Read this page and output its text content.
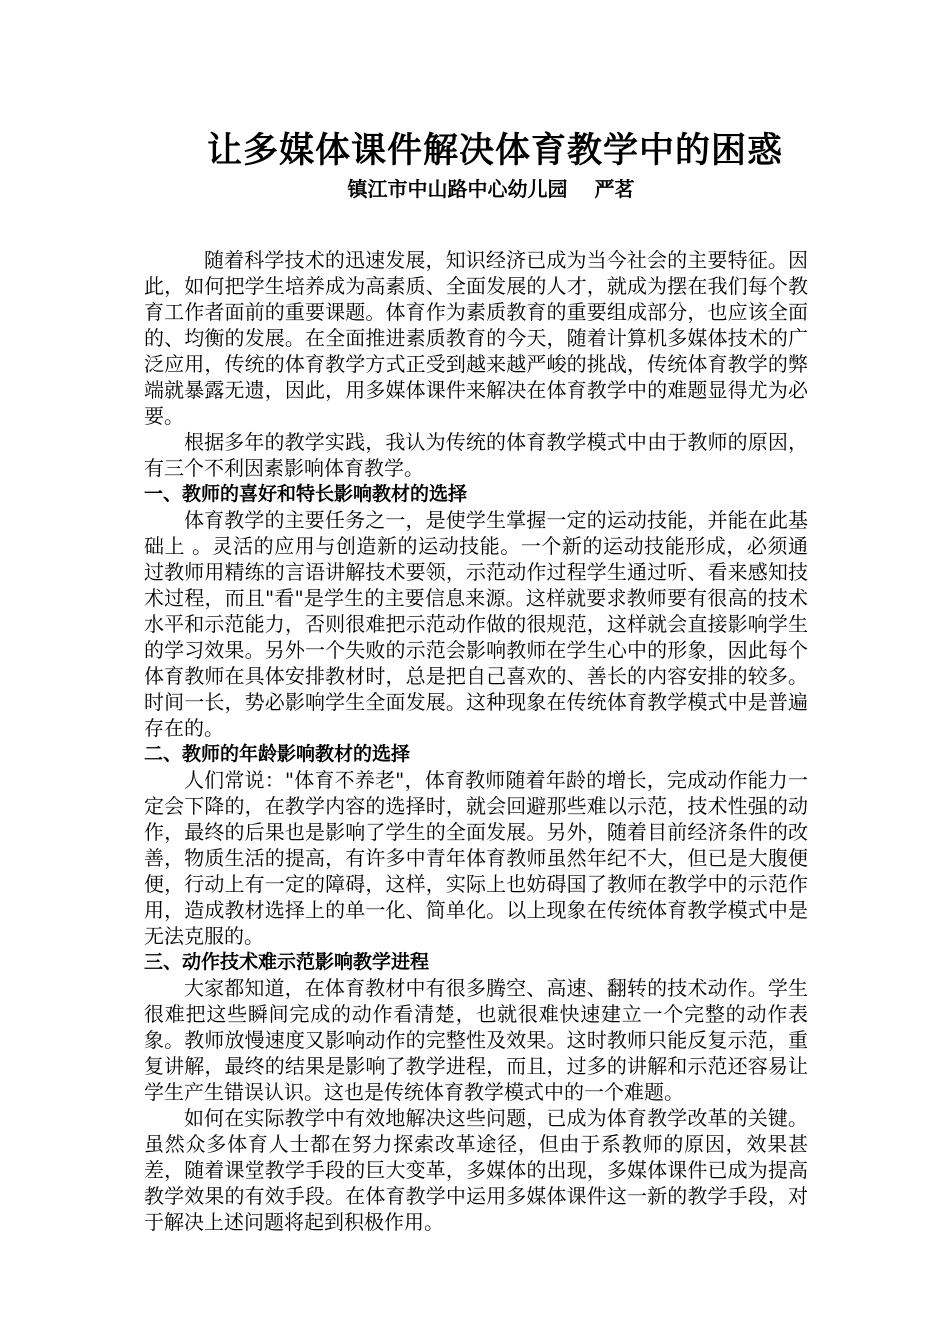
让多媒体课件解决体育教学中的困惑
镇江市中山路中心幼儿园　 严茗

随着科学技术的迅速发展，知识经济已成为当今社会的主要特征。因此，如何把学生培养成为高素质、全面发展的人才，就成为摆在我们每个教育工作者面前的重要课题。体育作为素质教育的重要组成部分，也应该全面的、均衡的发展。在全面推进素质教育的今天，随着计算机多媒体技术的广泛应用，传统的体育教学方式正受到越来越严峻的挑战，传统体育教学的弊端就暴露无遗，因此，用多媒体课件来解决在体育教学中的难题显得尤为必要。

根据多年的教学实践，我认为传统的体育教学模式中由于教师的原因，有三个不利因素影响体育教学。

一、教师的喜好和特长影响教材的选择

体育教学的主要任务之一，是使学生掌握一定的运动技能，并能在此基础上 。灵活的应用与创造新的运动技能。一个新的运动技能形成，必须通过教师用精练的言语讲解技术要领，示范动作过程学生通过听、看来感知技术过程，而且"看"是学生的主要信息来源。这样就要求教师要有很高的技术水平和示范能力，否则很难把示范动作做的很规范，这样就会直接影响学生的学习效果。另外一个失败的示范会影响教师在学生心中的形象，因此每个体育教师在具体安排教材时，总是把自己喜欢的、善长的内容安排的较多。时间一长，势必影响学生全面发展。这种现象在传统体育教学模式中是普遍存在的。

二、教师的年龄影响教材的选择

人们常说："体育不养老"，体育教师随着年龄的增长，完成动作能力一定会下降的，在教学内容的选择时，就会回避那些难以示范，技术性强的动作，最终的后果也是影响了学生的全面发展。另外，随着目前经济条件的改善，物质生活的提高，有许多中青年体育教师虽然年纪不大，但已是大腹便便，行动上有一定的障碍，这样，实际上也妨碍国了教师在教学中的示范作用，造成教材选择上的单一化、简单化。以上现象在传统体育教学模式中是无法克服的。

三、动作技术难示范影响教学进程

大家都知道，在体育教材中有很多腾空、高速、翻转的技术动作。学生很难把这些瞬间完成的动作看清楚，也就很难快速建立一个完整的动作表象。教师放慢速度又影响动作的完整性及效果。这时教师只能反复示范，重复讲解，最终的结果是影响了教学进程，而且，过多的讲解和示范还容易让学生产生错误认识。这也是传统体育教学模式中的一个难题。

如何在实际教学中有效地解决这些问题，已成为体育教学改革的关键。虽然众多体育人士都在努力探索改革途径，但由于系教师的原因，效果甚差，随着课堂教学手段的巨大变革，多媒体的出现，多媒体课件已成为提高教学效果的有效手段。在体育教学中运用多媒体课件这一新的教学手段，对于解决上述问题将起到积极作用。
